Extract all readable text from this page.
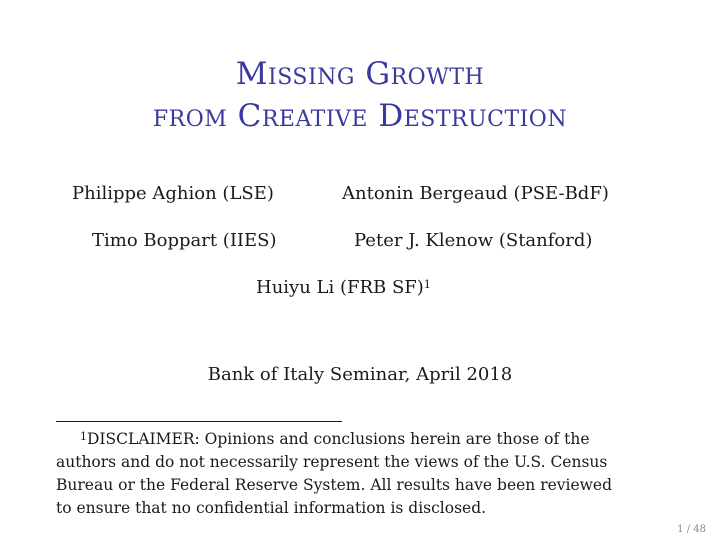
Missing Growth
from Creative Destruction
Philippe Aghion (LSE)	Antonin Bergeaud (PSE-BdF)
Timo Boppart (IIES)	Peter J. Klenow (Stanford)
Huiyu Li (FRB SF)$^1$
Bank of Italy Seminar, April 2018
$^1$DISCLAIMER: Opinions and conclusions herein are those of the
authors and do not necessarily represent the views of the U.S. Census
Bureau or the Federal Reserve System. All results have been reviewed
to ensure that no confidential information is disclosed.
1 / 48
